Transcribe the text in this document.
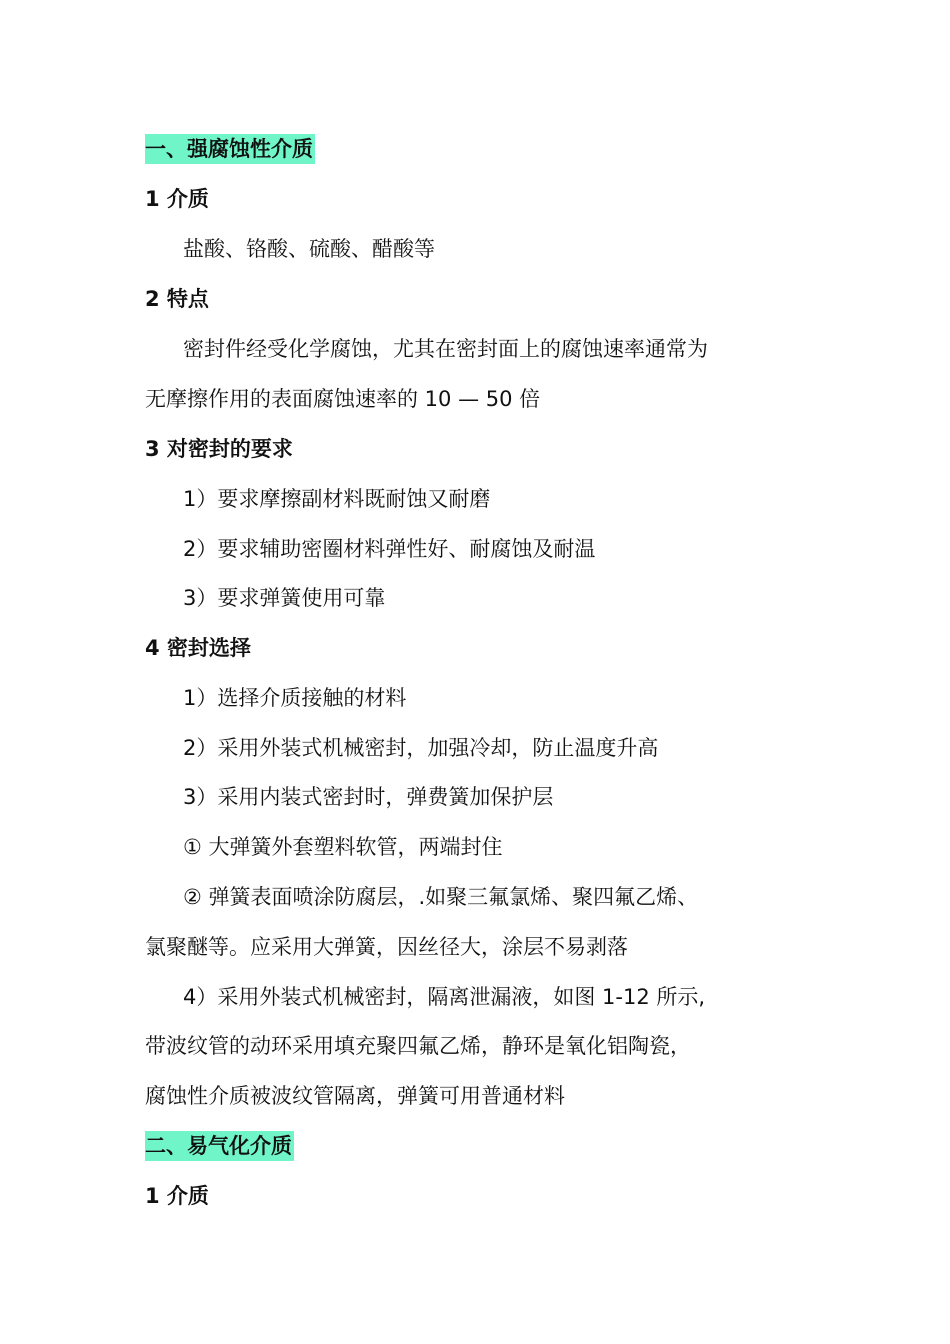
一、强腐蚀性介质
1 介质
盐酸、铬酸、硫酸、醋酸等
2 特点
密封件经受化学腐蚀，尤其在密封面上的腐蚀速率通常为
无摩擦作用的表面腐蚀速率的 10 — 50 倍
3 对密封的要求
1）要求摩擦副材料既耐蚀又耐磨
2）要求辅助密圈材料弹性好、耐腐蚀及耐温
3）要求弹簧使用可靠
4 密封选择
1）选择介质接触的材料
2）采用外装式机械密封，加强冷却，防止温度升高
3）采用内装式密封时，弹费簧加保护层
① 大弹簧外套塑料软管，两端封住
② 弹簧表面喷涂防腐层，.如聚三氟氯烯、聚四氟乙烯、
氯聚醚等。应采用大弹簧，因丝径大，涂层不易剥落
4）采用外装式机械密封，隔离泄漏液，如图 1-12 所示,
带波纹管的动环采用填充聚四氟乙烯，静环是氧化铝陶瓷，
腐蚀性介质被波纹管隔离，弹簧可用普通材料
二、易气化介质
1 介质
